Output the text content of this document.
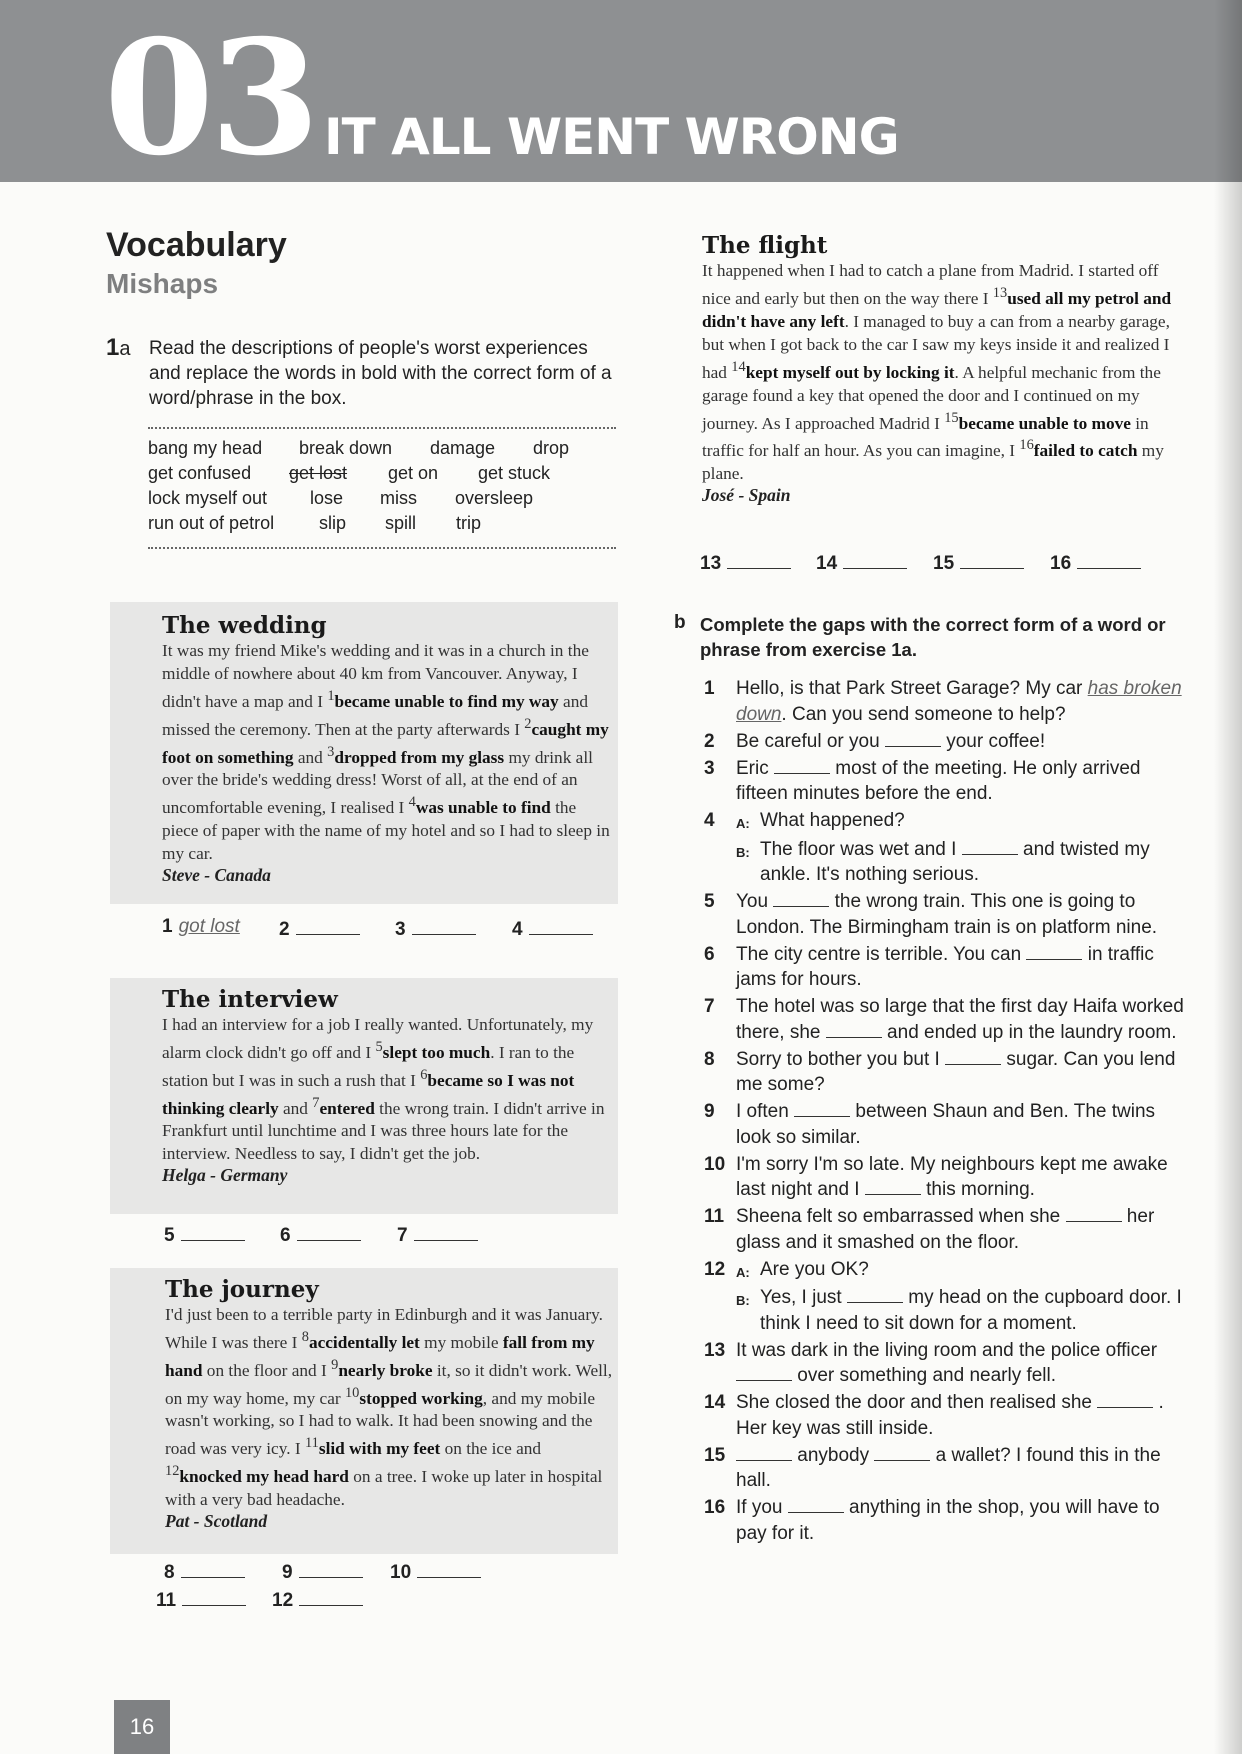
03 IT ALL WENT WRONG
Vocabulary
Mishaps
1a Read the descriptions of people's worst experiences and replace the words in bold with the correct form of a word/phrase in the box.
bang my head break down damage drop
get confused get lost get on get stuck
lock myself out lose miss oversleep
run out of petrol slip spill trip
The wedding
It was my friend Mike's wedding and it was in a church in the middle of nowhere about 40 km from Vancouver. Anyway, I didn't have a map and I $^1$became unable to find my way and missed the ceremony. Then at the party afterwards I $^2$caught my foot on something and $^3$dropped from my glass my drink all over the bride's wedding dress! Worst of all, at the end of an uncomfortable evening, I realised I $^4$was unable to find the piece of paper with the name of my hotel and so I had to sleep in my car.
Steve - Canada
1 got lost 2	3	4
The interview
I had an interview for a job I really wanted. Unfortunately, my alarm clock didn't go off and I $^5$slept too much. I ran to the station but I was in such a rush that I $^6$became so I was not thinking clearly and $^7$entered the wrong train. I didn't arrive in Frankfurt until lunchtime and I was three hours late for the interview. Needless to say, I didn't get the job.
Helga - Germany
5	6	7
The journey
I'd just been to a terrible party in Edinburgh and it was January. While I was there I $^8$accidentally let my mobile fall from my hand on the floor and I $^9$nearly broke it, so it didn't work. Well, on my way home, my car $^{10}$stopped working, and my mobile wasn't working, so I had to walk. It had been snowing and the road was very icy. I $^{11}$slid with my feet on the ice and $^{12}$knocked my head hard on a tree. I woke up later in hospital with a very bad headache.
Pat - Scotland
8	9	10
11	12
The flight
It happened when I had to catch a plane from Madrid. I started off nice and early but then on the way there I $^{13}$used all my petrol and didn't have any left. I managed to buy a can from a nearby garage, but when I got back to the car I saw my keys inside it and realized I had $^{14}$kept myself out by locking it. A helpful mechanic from the garage found a key that opened the door and I continued on my journey. As I approached Madrid I $^{15}$became unable to move in traffic for half an hour. As you can imagine, I $^{16}$failed to catch my plane.
José - Spain
13	14	15	16
b Complete the gaps with the correct form of a word or phrase from exercise 1a.
1	Hello, is that Park Street Garage? My car has broken down. Can you send someone to help?
2	Be careful or you	your coffee!
3	Eric	most of the meeting. He only arrived fifteen minutes before the end.
4	A: What happened?
B: The floor was wet and I	and twisted my ankle. It's nothing serious.
5	You	the wrong train. This one is going to London. The Birmingham train is on platform nine.
6	The city centre is terrible. You can	in traffic jams for hours.
7	The hotel was so large that the first day Haifa worked there, she	and ended up in the laundry room.
8	Sorry to bother you but I	sugar. Can you lend me some?
9	I often	between Shaun and Ben. The twins look so similar.
10 I'm sorry I'm so late. My neighbours kept me awake last night and I	this morning.
11 Sheena felt so embarrassed when she	her glass and it smashed on the floor.
12 A: Are you OK?
B: Yes, I just	my head on the cupboard door. I think I need to sit down for a moment.
13 It was dark in the living room and the police officer  over something and nearly fell.
14 She closed the door and then realised she	. Her key was still inside.
15	anybody	a wallet? I found this in the hall.
16 If you	anything in the shop, you will have to pay for it.
16
